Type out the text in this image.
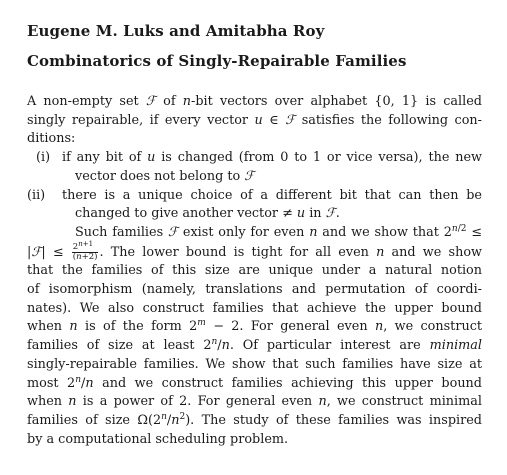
Eugene M. Luks and Amitabha Roy
Combinatorics of Singly-Repairable Families
A non-empty set ℱ of n-bit vectors over alphabet {0, 1} is called
singly repairable, if every vector u ∈ ℱ satisfies the following con-
ditions:
(i) if any bit of u is changed (from 0 to 1 or vice versa), the new
vector does not belong to ℱ
(ii) there is a unique choice of a different bit that can then be
changed to give another vector ≠ u in ℱ.
Such families ℱ exist only for even n and we show that $2^{n/2}$ ≤
|ℱ| ≤ $\frac{2^{n+1}}{(n+2)}$ . The lower bound is tight for all even n and we show
that the families of this size are unique under a natural notion
of isomorphism (namely, translations and permutation of coordi-
nates). We also construct families that achieve the upper bound
when n is of the form $2^m - 2$. For general even n, we construct
families of size at least 2$^n$/n. Of particular interest are minimal
singly-repairable families. We show that such families have size at
most 2$^n$/n and we construct families achieving this upper bound
when n is a power of 2. For general even n, we construct minimal
families of size $\Omega(2^n/n^2)$. The study of these families was inspired
by a computational scheduling problem.
